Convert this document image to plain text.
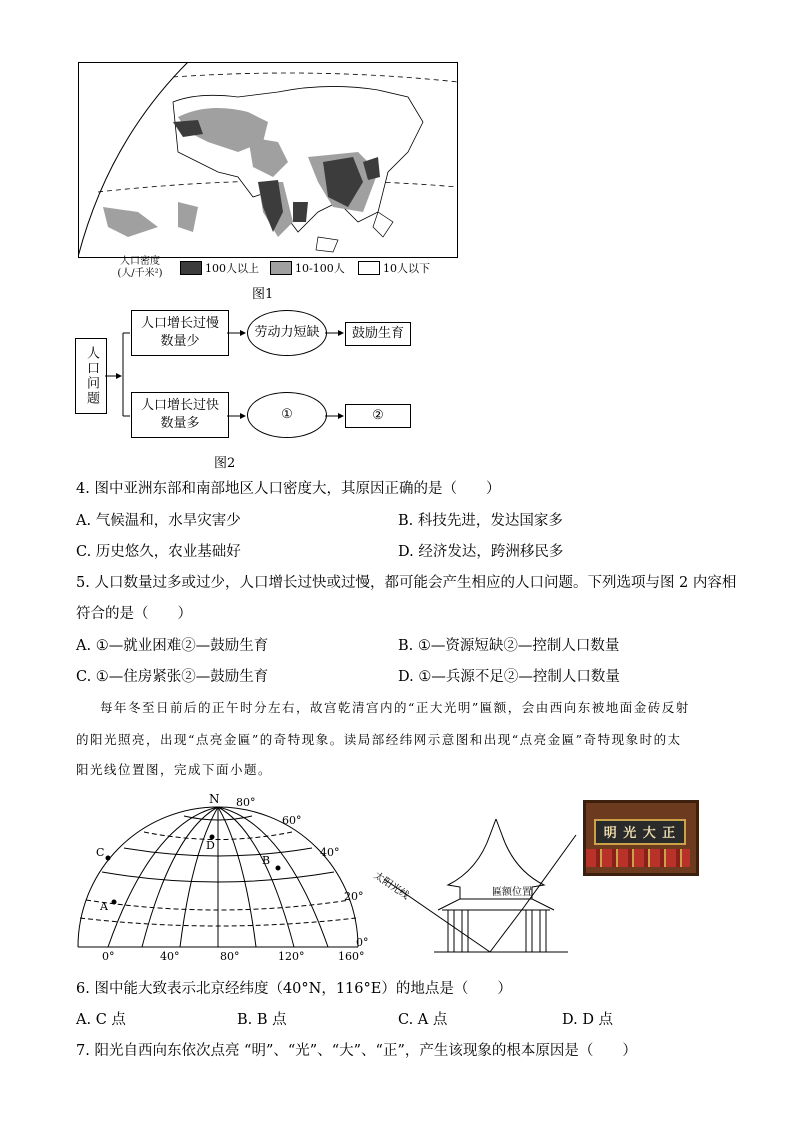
人口密度
(人/千米²)	100人以上	10-100人	10人以下
图1
人口问题
人口增长过慢
数量少
劳动力短缺 鼓励生育
人口增长过快
数量多
①	②
图2
4. 图中亚洲东部和南部地区人口密度大，其原因正确的是（　　）
A. 气候温和，水旱灾害少	B. 科技先进，发达国家多
C. 历史悠久，农业基础好	D. 经济发达，跨洲移民多
5. 人口数量过多或过少，人口增长过快或过慢，都可能会产生相应的人口问题。下列选项与图 2 内容相
符合的是（　　）
A. ①—就业困难②—鼓励生育	B. ①—资源短缺②—控制人口数量
C. ①—住房紧张②—鼓励生育	D. ①—兵源不足②—控制人口数量
每年冬至日前后的正午时分左右，故宫乾清宫内的“正大光明”匾额，会由西向东被地面金砖反射
的阳光照亮，出现“点亮金匾”的奇特现象。读局部经纬网示意图和出现“点亮金匾”奇特现象时的太
阳光线位置图，完成下面小题。
N 80°
60°
40°
20°
0°
0°	40°	80°	120°	160°
A
B
C
D
太阳光线	匾额位置
明 光 大 正
6. 图中能大致表示北京经纬度（40°N，116°E）的地点是（　　）
A. C 点	B. B 点	C. A 点	D. D 点
7. 阳光自西向东依次点亮 “明”、“光”、“大”、“正”，产生该现象的根本原因是（　　）
